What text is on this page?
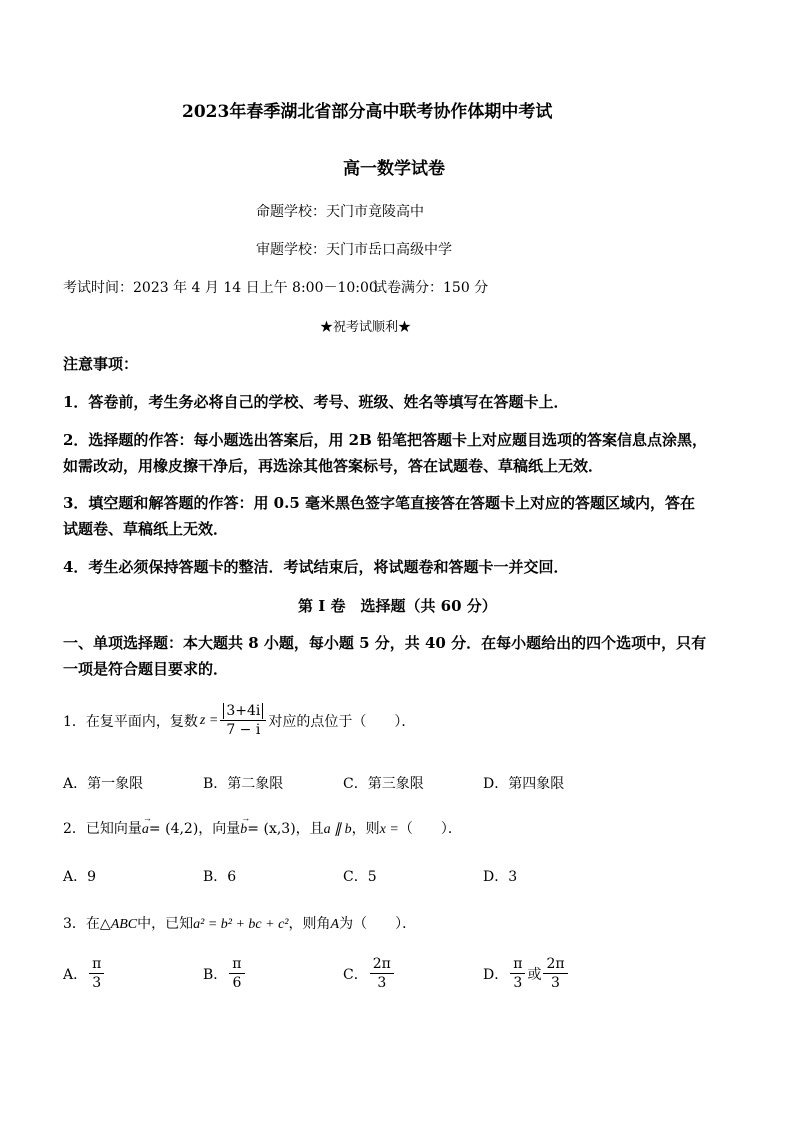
2023年春季湖北省部分高中联考协作体期中考试
高一数学试卷
命题学校：天门市竟陵高中
审题学校：天门市岳口高级中学
考试时间：2023 年 4 月 14 日上午 8:00－10:00
试卷满分：150 分
★祝考试顺利★
注意事项：
1．答卷前，考生务必将自己的学校、考号、班级、姓名等填写在答题卡上．
2．选择题的作答：每小题选出答案后，用 2B 铅笔把答题卡上对应题目选项的答案信息点涂黑，
如需改动，用橡皮擦干净后，再选涂其他答案标号，答在试题卷、草稿纸上无效．
3．填空题和解答题的作答：用 0.5 毫米黑色签字笔直接答在答题卡上对应的答题区域内，答在
试题卷、草稿纸上无效．
4．考生必须保持答题卡的整洁．考试结束后，将试题卷和答题卡一并交回．
第 I 卷　选择题（共 60 分）
一、单项选择题：本大题共 8 小题，每小题 5 分，共 40 分．在每小题给出的四个选项中，只有
一项是符合题目要求的．
1．在复平面内，复数 $z = \frac{3+4i}{7 - i}$ 对应的点位于（　　）．
A．第一象限	B．第二象限	C．第三象限	D．第四象限
2．已知向量
→
a= (4,2)，向量
→
b= (x,3)，且a ∥ b，则x =（　　）．
A．9	B．6	C．5	D．3
3．在△ABC中，已知a² = b² + bc + c²，则角A为（　　）．
A． $\frac{\pi}{3}$	B． $\frac{\pi}{6}$	C． $\frac{2\pi}{3}$	D． $\frac{\pi}{3}$ 或 $\frac{2\pi}{3}$
